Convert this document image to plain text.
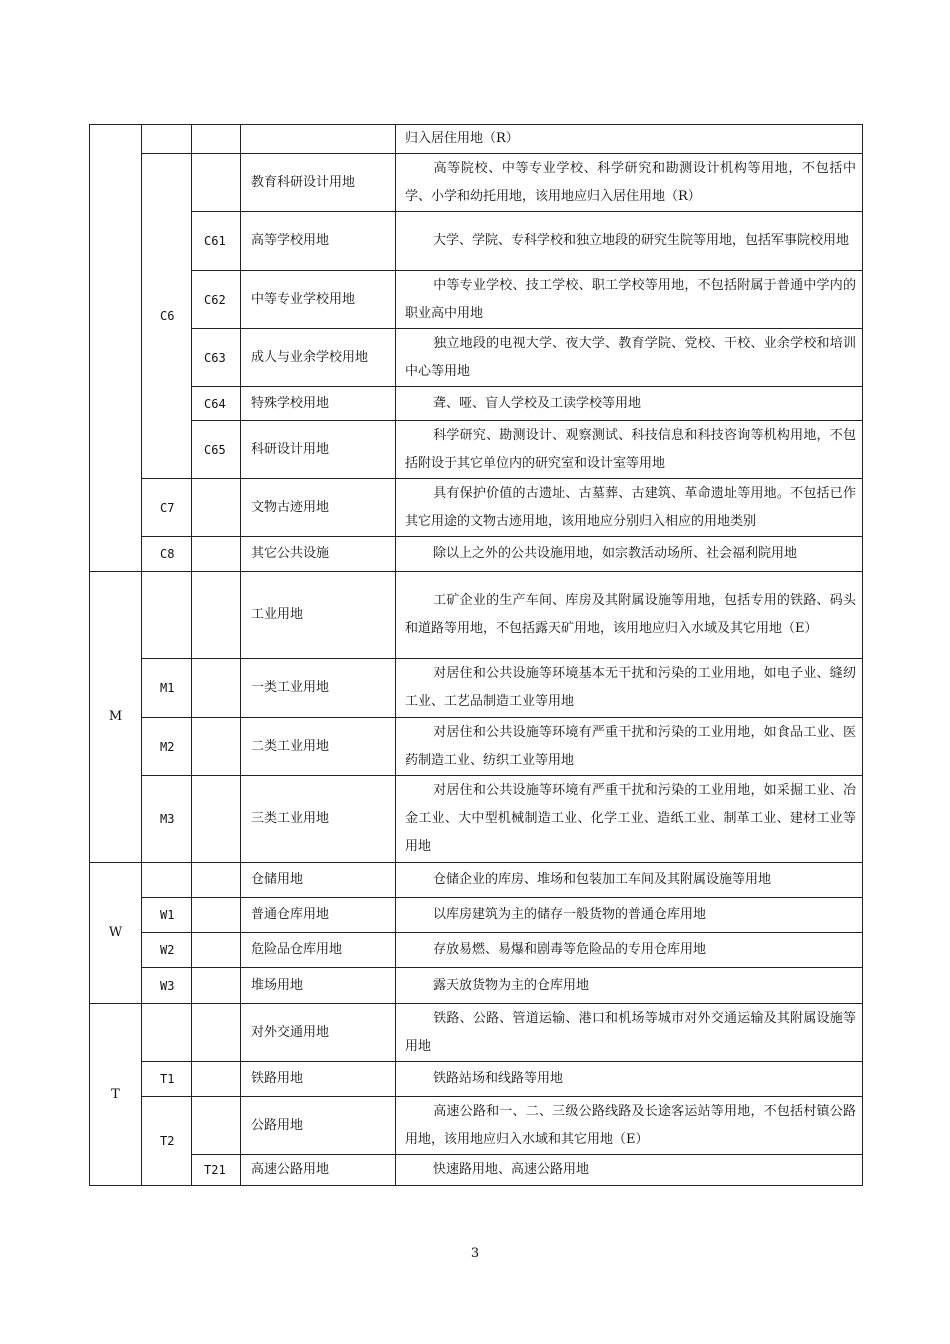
				归入居住用地（R）
	C6		教育科研设计用地	高等院校、中等专业学校、科学研究和勘测设计机构等用地，不包括中学、小学和幼托用地，该用地应归入居住用地（R）
		C61	高等学校用地	大学、学院、专科学校和独立地段的研究生院等用地，包括军事院校用地
		C62	中等专业学校用地	中等专业学校、技工学校、职工学校等用地，不包括附属于普通中学内的职业高中用地
		C63	成人与业余学校用地	独立地段的电视大学、夜大学、教育学院、党校、干校、业余学校和培训中心等用地
		C64	特殊学校用地	聋、哑、盲人学校及工读学校等用地
		C65	科研设计用地	科学研究、勘测设计、观察测试、科技信息和科技咨询等机构用地，不包括附设于其它单位内的研究室和设计室等用地
	C7		文物古迹用地	具有保护价值的古遗址、古墓葬、古建筑、革命遗址等用地。不包括已作其它用途的文物古迹用地，该用地应分别归入相应的用地类别
	C8		其它公共设施	除以上之外的公共设施用地，如宗教活动场所、社会福利院用地
M			工业用地	工矿企业的生产车间、库房及其附属设施等用地，包括专用的铁路、码头和道路等用地，不包括露天矿用地，该用地应归入水域及其它用地（E）
	M1		一类工业用地	对居住和公共设施等环境基本无干扰和污染的工业用地，如电子业、缝纫工业、工艺品制造工业等用地
	M2		二类工业用地	对居住和公共设施等环境有严重干扰和污染的工业用地，如食品工业、医药制造工业、纺织工业等用地
	M3		三类工业用地	对居住和公共设施等环境有严重干扰和污染的工业用地，如采掘工业、冶金工业、大中型机械制造工业、化学工业、造纸工业、制革工业、建材工业等用地
W			仓储用地	仓储企业的库房、堆场和包装加工车间及其附属设施等用地
	W1		普通仓库用地	以库房建筑为主的储存一般货物的普通仓库用地
	W2		危险品仓库用地	存放易燃、易爆和剧毒等危险品的专用仓库用地
	W3		堆场用地	露天放货物为主的仓库用地
T			对外交通用地	铁路、公路、管道运输、港口和机场等城市对外交通运输及其附属设施等用地
	T1		铁路用地	铁路站场和线路等用地
	T2		公路用地	高速公路和一、二、三级公路线路及长途客运站等用地，不包括村镇公路用地，该用地应归入水域和其它用地（E）
		T21	高速公路用地	快速路用地、高速公路用地
3
